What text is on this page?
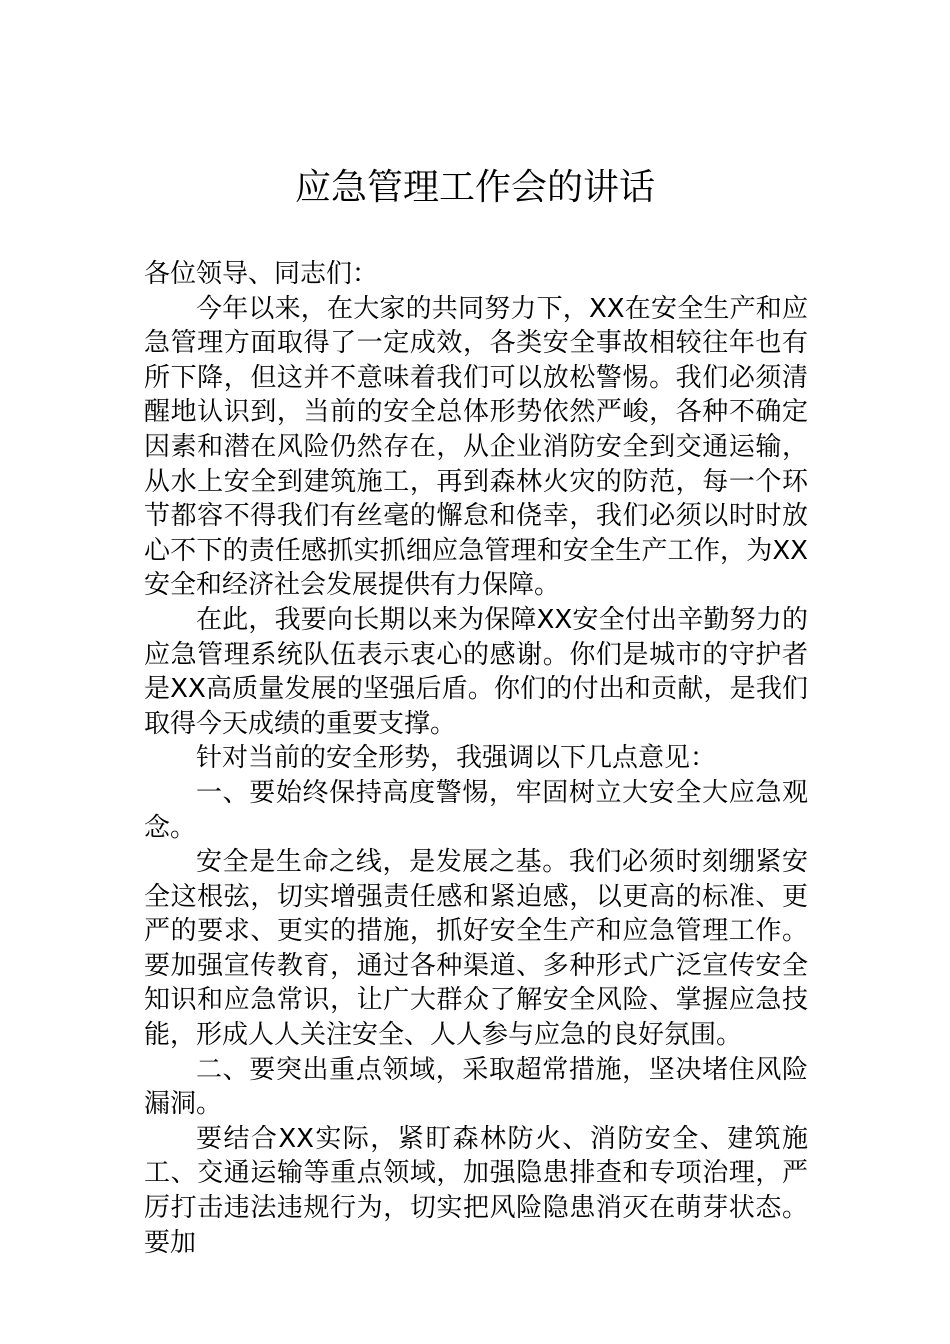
应急管理工作会的讲话

各位领导、同志们：

今年以来，在大家的共同努力下，XX在安全生产和应急管理方面取得了一定成效，各类安全事故相较往年也有所下降，但这并不意味着我们可以放松警惕。我们必须清醒地认识到，当前的安全总体形势依然严峻，各种不确定因素和潜在风险仍然存在，从企业消防安全到交通运输，从水上安全到建筑施工，再到森林火灾的防范，每一个环节都容不得我们有丝毫的懈怠和侥幸，我们必须以时时放心不下的责任感抓实抓细应急管理和安全生产工作，为XX安全和经济社会发展提供有力保障。

在此，我要向长期以来为保障XX安全付出辛勤努力的应急管理系统队伍表示衷心的感谢。你们是城市的守护者是XX高质量发展的坚强后盾。你们的付出和贡献，是我们取得今天成绩的重要支撑。

针对当前的安全形势，我强调以下几点意见：

一、要始终保持高度警惕，牢固树立大安全大应急观念。

安全是生命之线，是发展之基。我们必须时刻绷紧安全这根弦，切实增强责任感和紧迫感，以更高的标准、更严的要求、更实的措施，抓好安全生产和应急管理工作。要加强宣传教育，通过各种渠道、多种形式广泛宣传安全知识和应急常识，让广大群众了解安全风险、掌握应急技能，形成人人关注安全、人人参与应急的良好氛围。

二、要突出重点领域，采取超常措施，坚决堵住风险漏洞。

要结合XX实际，紧盯森林防火、消防安全、建筑施工、交通运输等重点领域，加强隐患排查和专项治理，严厉打击违法违规行为，切实把风险隐患消灭在萌芽状态。要加
